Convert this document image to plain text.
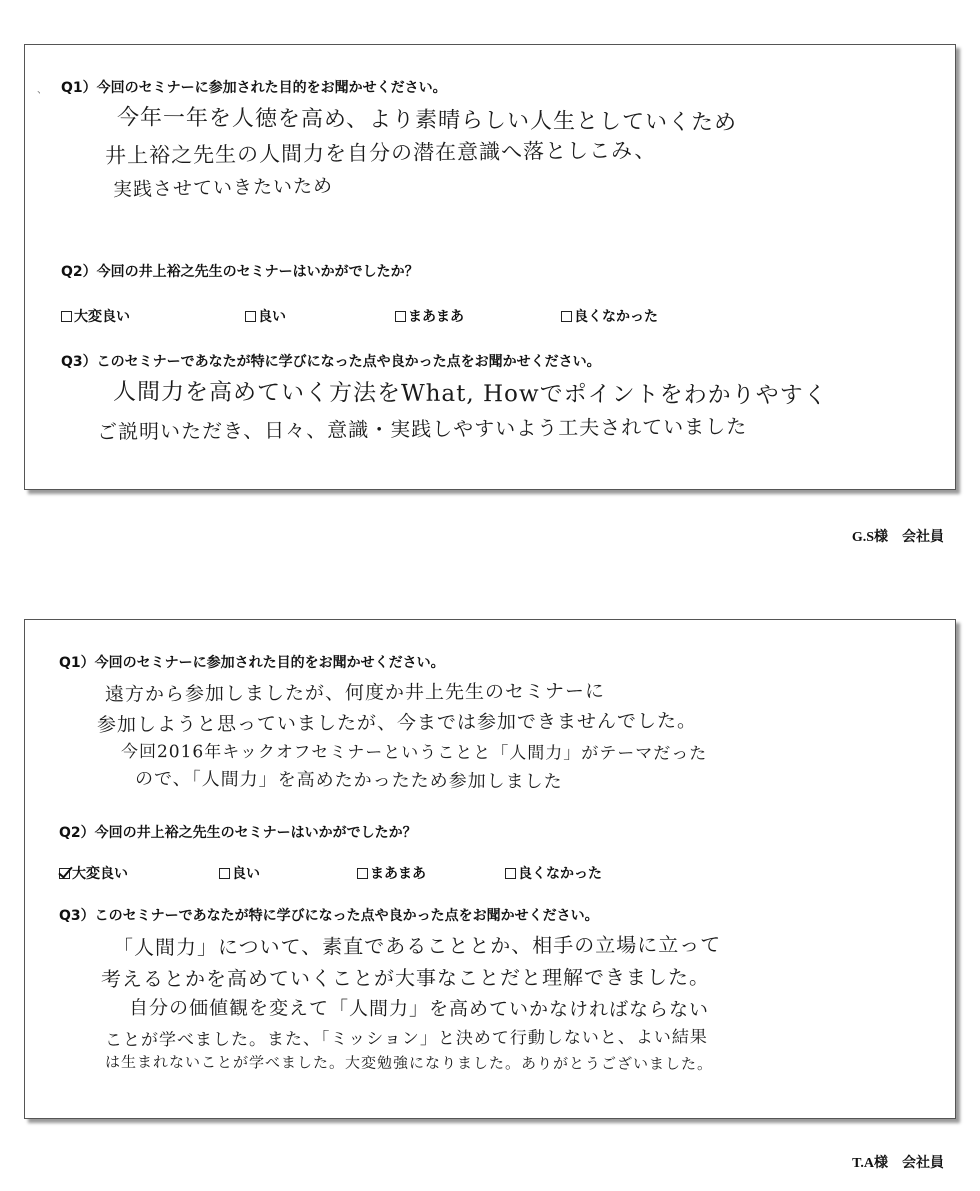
、 Q1）今回のセミナーに参加された目的をお聞かせください。
今年一年を人徳を高め、より素晴らしい人生としていくため
井上裕之先生の人間力を自分の潜在意識へ落としこみ、
実践させていきたいため
Q2）今回の井上裕之先生のセミナーはいかがでしたか？
大変良い	良い	まあまあ	良くなかった
Q3）このセミナーであなたが特に学びになった点や良かった点をお聞かせください。
人間力を高めていく方法をWhat, Howでポイントをわかりやすく
ご説明いただき、日々、意識・実践しやすいよう工夫されていました
G.S様　会社員
Q1）今回のセミナーに参加された目的をお聞かせください。
遠方から参加しましたが、何度か井上先生のセミナーに
参加しようと思っていましたが、今までは参加できませんでした。
今回2016年キックオフセミナーということと「人間力」がテーマだった
ので、「人間力」を高めたかったため参加しました
Q2）今回の井上裕之先生のセミナーはいかがでしたか？
大変良い	良い	まあまあ	良くなかった
Q3）このセミナーであなたが特に学びになった点や良かった点をお聞かせください。
「人間力」について、素直であることとか、相手の立場に立って
考えるとかを高めていくことが大事なことだと理解できました。
自分の価値観を変えて「人間力」を高めていかなければならない
ことが学べました。また、「ミッション」と決めて行動しないと、よい結果
は生まれないことが学べました。大変勉強になりました。ありがとうございました。
T.A様　会社員
